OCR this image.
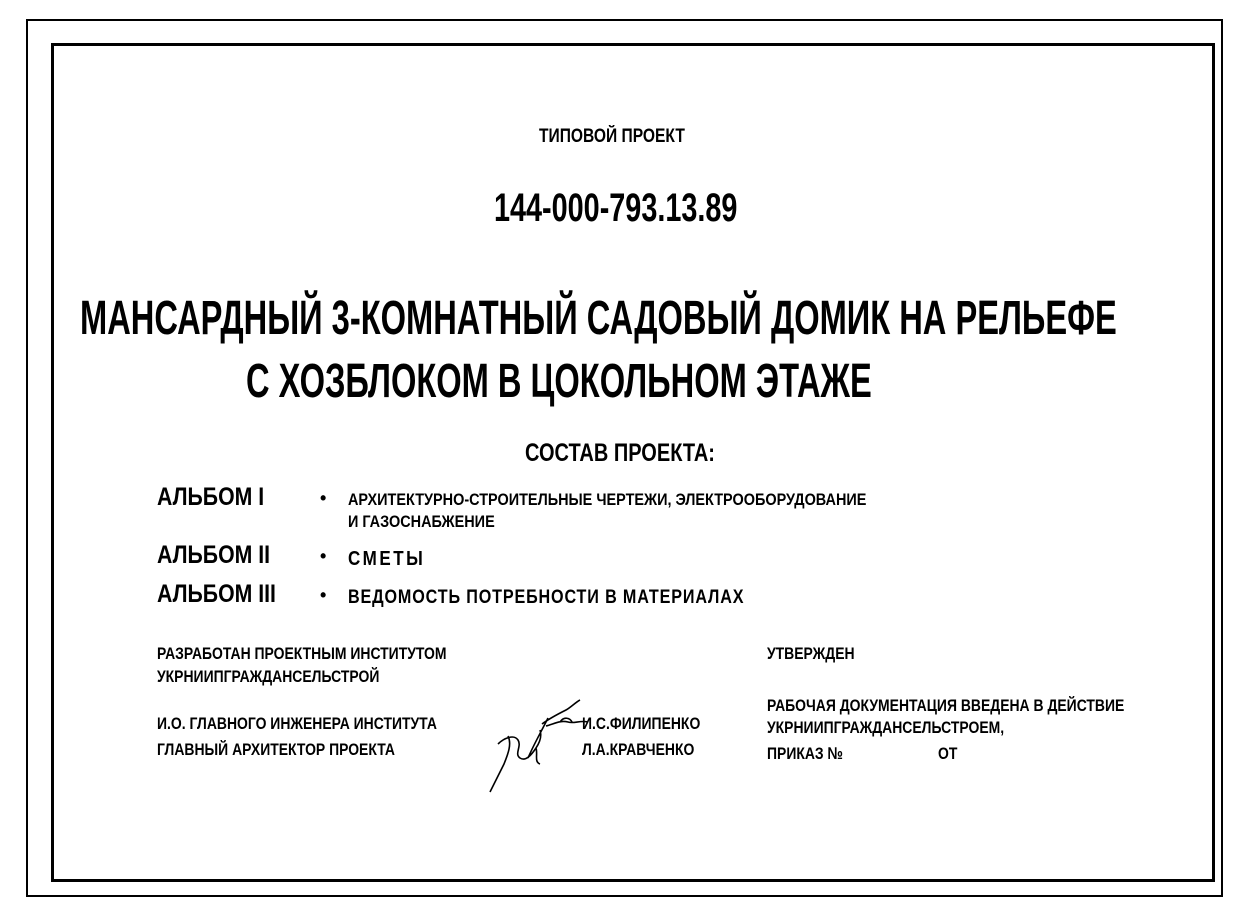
ТИПОВОЙ ПРОЕКТ
144-000-793.13.89
МАНСАРДНЫЙ 3-КОМНАТНЫЙ САДОВЫЙ ДОМИК НА РЕЛЬЕФЕ
С ХОЗБЛОКОМ В ЦОКОЛЬНОМ ЭТАЖЕ
СОСТАВ ПРОЕКТА:
АЛЬБОМ I	• АРХИТЕКТУРНО-СТРОИТЕЛЬНЫЕ ЧЕРТЕЖИ, ЭЛЕКТРООБОРУДОВАНИЕ
И ГАЗОСНАБЖЕНИЕ
АЛЬБОМ II	• СМЕТЫ
АЛЬБОМ III • ВЕДОМОСТЬ ПОТРЕБНОСТИ В МАТЕРИАЛАХ
РАЗРАБОТАН ПРОЕКТНЫМ ИНСТИТУТОМ
УКРНИИПГРАЖДАНСЕЛЬСТРОЙ
И.О. ГЛАВНОГО ИНЖЕНЕРА ИНСТИТУТА	И.С.ФИЛИПЕНКО
ГЛАВНЫЙ АРХИТЕКТОР ПРОЕКТА	Л.А.КРАВЧЕНКО
УТВЕРЖДЕН
РАБОЧАЯ ДОКУМЕНТАЦИЯ ВВЕДЕНА В ДЕЙСТВИЕ
УКРНИИПГРАЖДАНСЕЛЬСТРОЕМ,
ПРИКАЗ №	ОТ
